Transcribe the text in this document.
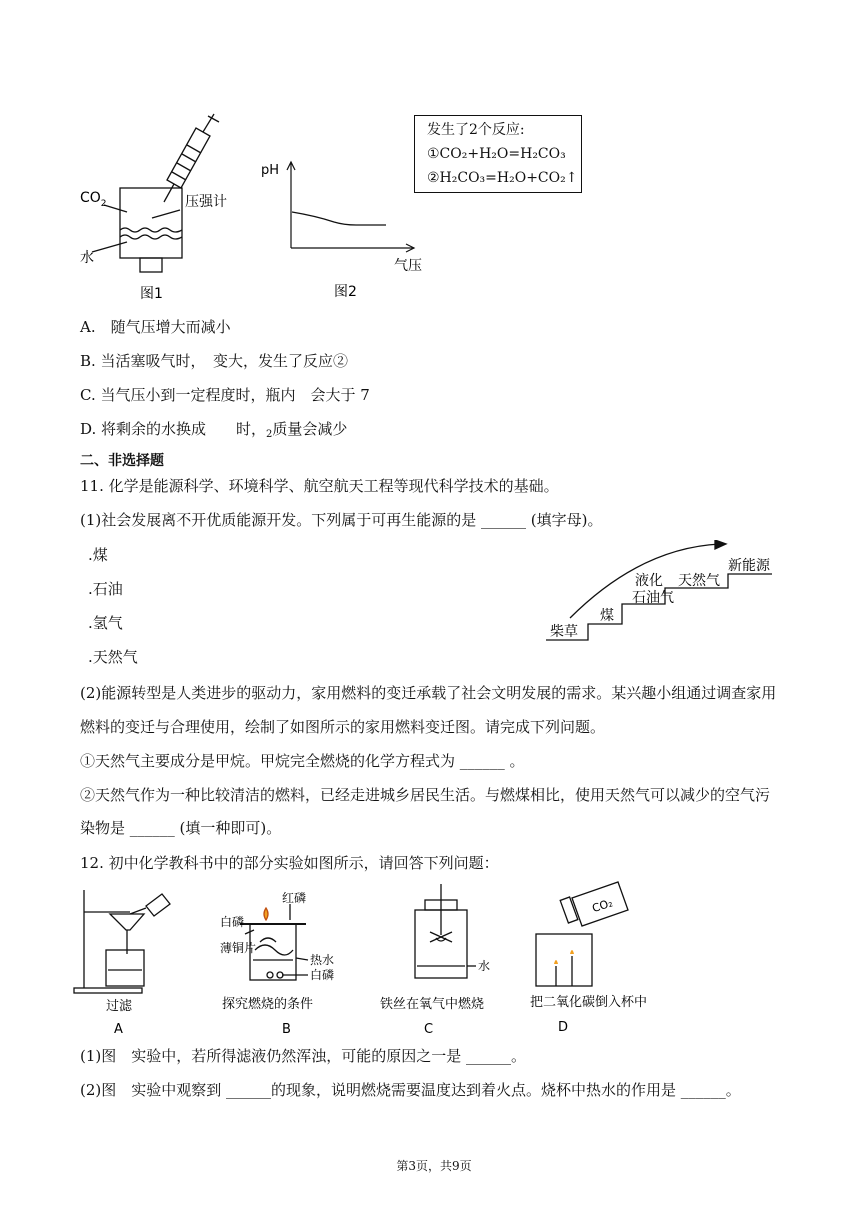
$CO_2$	压强计
水
图1
pH
气压
图2
发生了2个反应:
①CO₂+H₂O=H₂CO₃
②H₂CO₃=H₂O+CO₂↑
A.　随气压增大而减小
B. 当活塞吸气时，　变大，发生了反应②
C. 当气压小到一定程度时，瓶内　会大于 7
D. 将剩余的水换成　　时，$_2$质量会减少
二、非选择题
11. 化学是能源科学、环境科学、航空航天工程等现代科学技术的基础。
(1)社会发展离不开优质能源开发。下列属于可再生能源的是 ______ (填字母)。
.煤
.石油
.氢气
.天然气
柴草
煤
液化
石油气
天然气
新能源
(2)能源转型是人类进步的驱动力，家用燃料的变迁承载了社会文明发展的需求。某兴趣小组通过调查家用
燃料的变迁与合理使用，绘制了如图所示的家用燃料变迁图。请完成下列问题。
①天然气主要成分是甲烷。甲烷完全燃烧的化学方程式为 ______ 。
②天然气作为一种比较清洁的燃料，已经走进城乡居民生活。与燃煤相比，使用天然气可以减少的空气污
染物是 ______ (填一种即可)。
12. 初中化学教科书中的部分实验如图所示，请回答下列问题：
过滤
A
红磷
白磷
薄铜片
热水
白磷
探究燃烧的条件
B
水
铁丝在氧气中燃烧
C
CO₂
把二氧化碳倒入杯中
D
(1)图　实验中，若所得滤液仍然浑浊，可能的原因之一是 ______。
(2)图　实验中观察到 ______的现象，说明燃烧需要温度达到着火点。烧杯中热水的作用是 ______。
第3页，共9页
